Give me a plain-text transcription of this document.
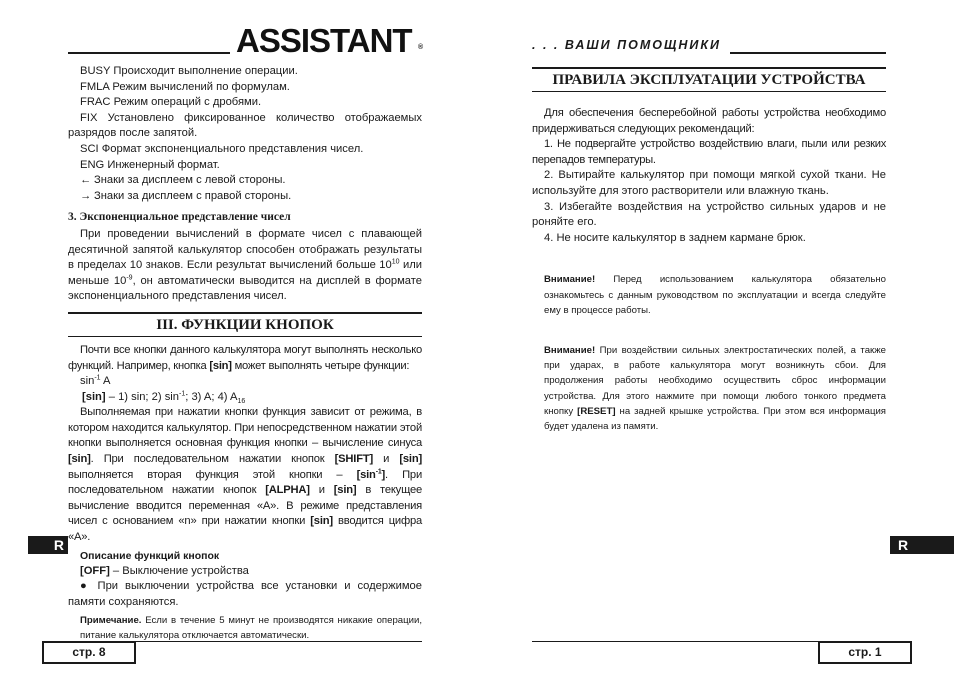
ASSISTANT ®

BUSY Происходит выполнение операции.

FMLA Режим вычислений по формулам.

FRAC Режим операций с дробями.

FIX Установлено фиксированное количество отображаемых разрядов после запятой.

SCI Формат экспоненциального представления чисел.

ENG Инженерный формат.

← Знаки за дисплеем с левой стороны.

→ Знаки за дисплеем с правой стороны.

3. Экспоненциальное представление чисел

При проведении вычислений в формате чисел с плавающей десятичной запятой калькулятор способен отображать результаты в пределах 10 знаков. Если результат вычислений больше $10^{10}$ или меньше $10^{-9}$, он автоматически выводится на дисплей в формате экспоненциального представления чисел.

III. ФУНКЦИИ КНОПОК

Почти все кнопки данного калькулятора могут выполнять несколько функций. Например, кнопка [sin] может выполнять четыре функции:

$\sin^{-1} A$

[sin] – 1) sin; 2) $\sin^{-1}$; 3) A; 4) $A_{16}$

Выполняемая при нажатии кнопки функция зависит от режима, в котором находится калькулятор. При непосредственном нажатии этой кнопки выполняется основная функция кнопки – вычисление синуса [sin]. При последовательном нажатии кнопок [SHIFT] и [sin] выполняется вторая функция этой кнопки – $[\sin^{-1}]$. При последовательном нажатии кнопок [ALPHA] и [sin] в текущее вычисление вводится переменная «А». В режиме представления чисел с основанием «n» при нажатии кнопки [sin] вводится цифра «А».

Описание функций кнопок

[OFF] – Выключение устройства

● При выключении устройства все установки и содержимое памяти сохраняются.

Примечание. Если в течение 5 минут не производятся никакие операции, питание калькулятора отключается автоматически.

R
стр. 8
. . . ВАШИ ПОМОЩНИКИ
ПРАВИЛА ЭКСПЛУАТАЦИИ УСТРОЙСТВА

Для обеспечения бесперебойной работы устройства необходимо придерживаться следующих рекомендаций:

1. Не подвергайте устройство воздействию влаги, пыли или резких перепадов температуры.

2. Вытирайте калькулятор при помощи мягкой сухой ткани. Не используйте для этого растворители или влажную ткань.

3. Избегайте воздействия на устройство сильных ударов и не роняйте его.

4. Не носите калькулятор в заднем кармане брюк.

Внимание! Перед использованием калькулятора обязательно ознакомьтесь с данным руководством по эксплуатации и всегда следуйте ему в процессе работы.

Внимание! При воздействии сильных электростатических полей, а также при ударах, в работе калькулятора могут возникнуть сбои. Для продолжения работы необходимо осуществить сброс информации устройства. Для этого нажмите при помощи любого тонкого предмета кнопку [RESET] на задней крышке устройства. При этом вся информация будет удалена из памяти.

R
стр. 1
